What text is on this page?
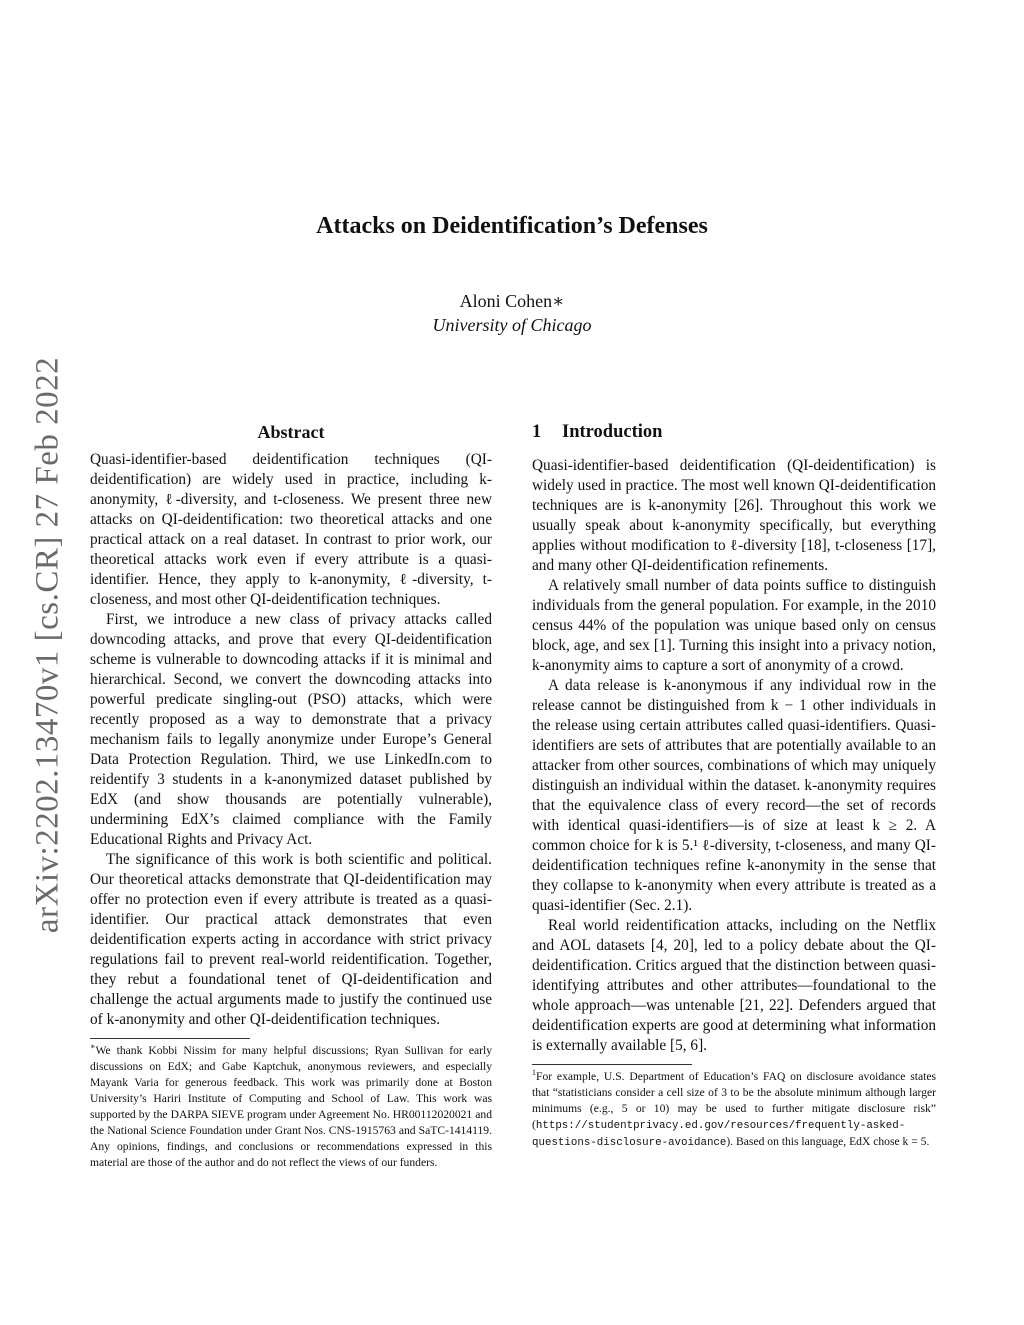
arXiv:2202.13470v1 [cs.CR] 27 Feb 2022
Attacks on Deidentification’s Defenses
Aloni Cohen∗
University of Chicago
Abstract

Quasi-identifier-based deidentification techniques (QI-deidentification) are widely used in practice, including k-anonymity, ℓ-diversity, and t-closeness. We present three new attacks on QI-deidentification: two theoretical attacks and one practical attack on a real dataset. In contrast to prior work, our theoretical attacks work even if every attribute is a quasi-identifier. Hence, they apply to k-anonymity, ℓ-diversity, t-closeness, and most other QI-deidentification techniques.

First, we introduce a new class of privacy attacks called downcoding attacks, and prove that every QI-deidentification scheme is vulnerable to downcoding attacks if it is minimal and hierarchical. Second, we convert the downcoding attacks into powerful predicate singling-out (PSO) attacks, which were recently proposed as a way to demonstrate that a privacy mechanism fails to legally anonymize under Europe’s General Data Protection Regulation. Third, we use LinkedIn.com to reidentify 3 students in a k-anonymized dataset published by EdX (and show thousands are potentially vulnerable), undermining EdX’s claimed compliance with the Family Educational Rights and Privacy Act.

The significance of this work is both scientific and political. Our theoretical attacks demonstrate that QI-deidentification may offer no protection even if every attribute is treated as a quasi-identifier. Our practical attack demonstrates that even deidentification experts acting in accordance with strict privacy regulations fail to prevent real-world reidentification. Together, they rebut a foundational tenet of QI-deidentification and challenge the actual arguments made to justify the continued use of k-anonymity and other QI-deidentification techniques.

∗We thank Kobbi Nissim for many helpful discussions; Ryan Sullivan for early discussions on EdX; and Gabe Kaptchuk, anonymous reviewers, and especially Mayank Varia for generous feedback. This work was primarily done at Boston University’s Hariri Institute of Computing and School of Law. This work was supported by the DARPA SIEVE program under Agreement No. HR00112020021 and the National Science Foundation under Grant Nos. CNS-1915763 and SaTC-1414119. Any opinions, findings, and conclusions or recommendations expressed in this material are those of the author and do not reflect the views of our funders.

1 Introduction

Quasi-identifier-based deidentification (QI-deidentification) is widely used in practice. The most well known QI-deidentification techniques are is k-anonymity [26]. Throughout this work we usually speak about k-anonymity specifically, but everything applies without modification to ℓ-diversity [18], t-closeness [17], and many other QI-deidentification refinements.

A relatively small number of data points suffice to distinguish individuals from the general population. For example, in the 2010 census 44% of the population was unique based only on census block, age, and sex [1]. Turning this insight into a privacy notion, k-anonymity aims to capture a sort of anonymity of a crowd.

A data release is k-anonymous if any individual row in the release cannot be distinguished from k − 1 other individuals in the release using certain attributes called quasi-identifiers. Quasi-identifiers are sets of attributes that are potentially available to an attacker from other sources, combinations of which may uniquely distinguish an individual within the dataset. k-anonymity requires that the equivalence class of every record—the set of records with identical quasi-identifiers—is of size at least k ≥ 2. A common choice for k is 5.¹ ℓ-diversity, t-closeness, and many QI-deidentification techniques refine k-anonymity in the sense that they collapse to k-anonymity when every attribute is treated as a quasi-identifier (Sec. 2.1).

Real world reidentification attacks, including on the Netflix and AOL datasets [4, 20], led to a policy debate about the QI-deidentification. Critics argued that the distinction between quasi-identifying attributes and other attributes—foundational to the whole approach—was untenable [21, 22]. Defenders argued that deidentification experts are good at determining what information is externally available [5, 6].

$^1$For example, U.S. Department of Education’s FAQ on disclosure avoidance states that “statisticians consider a cell size of 3 to be the absolute minimum although larger minimums (e.g., 5 or 10) may be used to further mitigate disclosure risk” (https://studentprivacy.ed.gov/resources/frequently-asked-questions-disclosure-avoidance). Based on this language, EdX chose k = 5.
